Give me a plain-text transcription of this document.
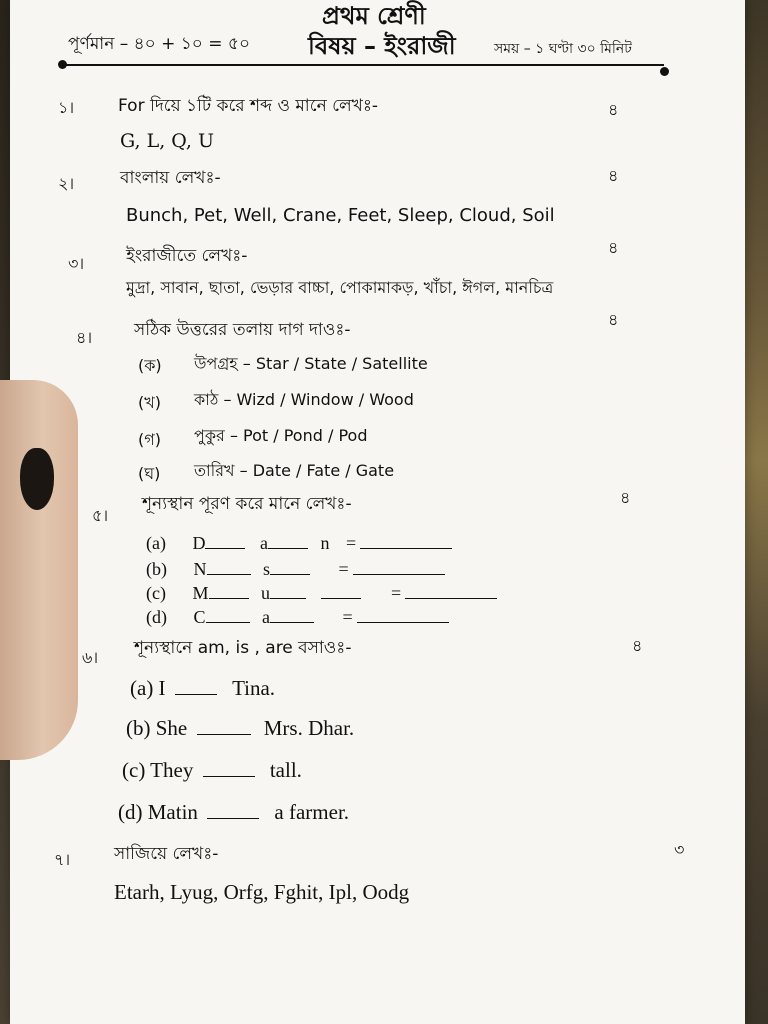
প্রথম শ্রেণী
পূর্ণমান – ৪০ + ১০ = ৫০ বিষয় – ইংরাজী	সময় – ১ ঘণ্টা ৩০ মিনিট
১।	For দিয়ে ১টি করে শব্দ ও মানে লেখঃ-	৪
G, L, Q, U
২।	বাংলায় লেখঃ-	৪
Bunch, Pet, Well, Crane, Feet, Sleep, Cloud, Soil
৩। ইংরাজীতে লেখঃ-	৪
মুদ্রা, সাবান, ছাতা, ভেড়ার বাচ্চা, পোকামাকড়, খাঁচা, ঈগল, মানচিত্র
৪। সঠিক উত্তরের তলায় দাগ দাওঃ-
৪
(ক) উপগ্রহ – Star / State / Satellite
(খ) কাঠ – Wizd / Window / Wood
(গ) পুকুর – Pot / Pond / Pod
(ঘ) তারিখ – Date / Fate / Gate
৫।
শূন্যস্থান পূরণ করে মানে লেখঃ-	৪
(a) D	a	n =
(b) N	s	=
(c) M	u	=
(d) C	a	=
৬। শূন্যস্থানে am, is , are বসাওঃ-	৪
(a) I	Tina.
(b) She	Mrs. Dhar.
(c) They	tall.
(d) Matin	a farmer.
৭।	সাজিয়ে লেখঃ-	৩
Etarh, Lyug, Orfg, Fghit, Ipl, Oodg
